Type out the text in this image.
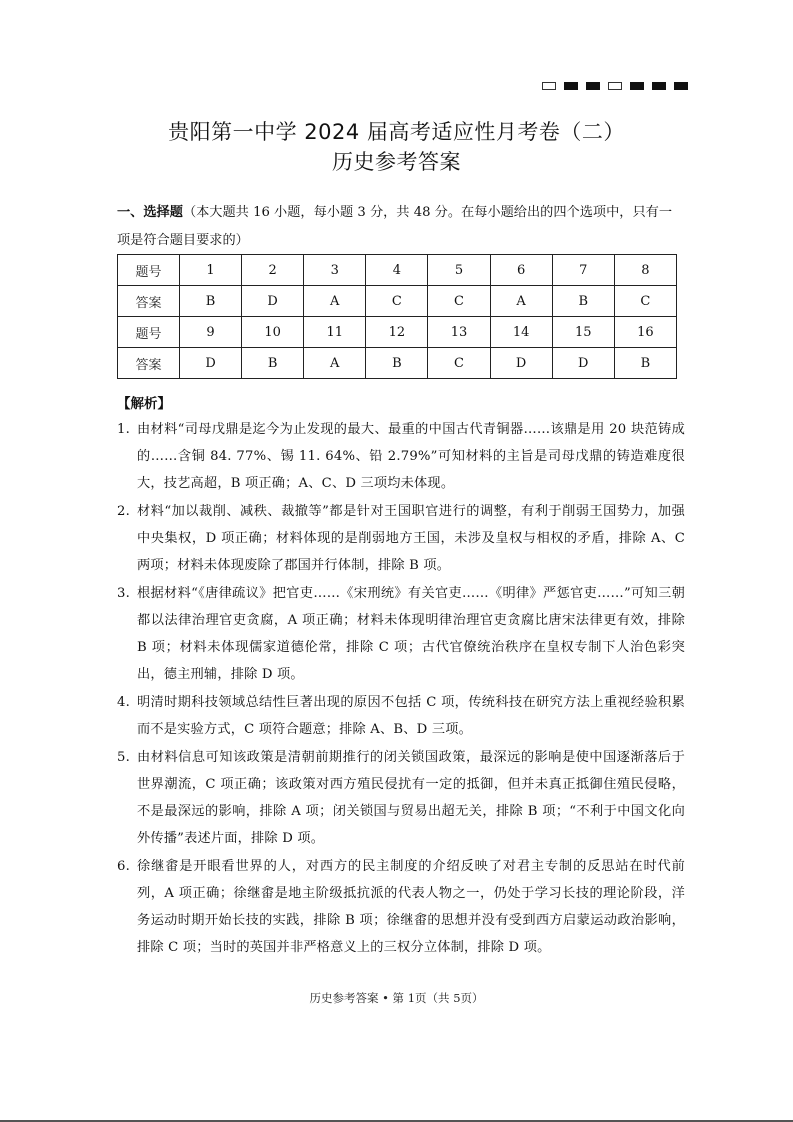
贵阳第一中学 2024 届高考适应性月考卷（二）
历史参考答案
一、选择题（本大题共 16 小题，每小题 3 分，共 48 分。在每小题给出的四个选项中，只有一项是符合题目要求的）
题号	1	2	3	4	5	6	7	8
答案	B	D	A	C	C	A	B	C
题号	9	10	11	12	13	14	15	16
答案	D	B	A	B	C	D	D	B
【解析】
1. 由材料“司母戊鼎是迄今为止发现的最大、最重的中国古代青铜器……该鼎是用 20 块范铸成的……含铜 84. 77%、锡 11. 64%、铅 2.79%”可知材料的主旨是司母戊鼎的铸造难度很大，技艺高超，B 项正确；A、C、D 三项均未体现。
2. 材料“加以裁削、减秩、裁撤等”都是针对王国职官进行的调整，有利于削弱王国势力，加强中央集权，D 项正确；材料体现的是削弱地方王国，未涉及皇权与相权的矛盾，排除 A、C 两项；材料未体现废除了郡国并行体制，排除 B 项。
3. 根据材料“《唐律疏议》把官吏……《宋刑统》有关官吏……《明律》严惩官吏……”可知三朝都以法律治理官吏贪腐，A 项正确；材料未体现明律治理官吏贪腐比唐宋法律更有效，排除 B 项；材料未体现儒家道德伦常，排除 C 项；古代官僚统治秩序在皇权专制下人治色彩突出，德主刑辅，排除 D 项。
4. 明清时期科技领域总结性巨著出现的原因不包括 C 项，传统科技在研究方法上重视经验积累而不是实验方式，C 项符合题意；排除 A、B、D 三项。
5. 由材料信息可知该政策是清朝前期推行的闭关锁国政策，最深远的影响是使中国逐渐落后于世界潮流，C 项正确；该政策对西方殖民侵扰有一定的抵御，但并未真正抵御住殖民侵略，不是最深远的影响，排除 A 项；闭关锁国与贸易出超无关，排除 B 项；“不利于中国文化向外传播”表述片面，排除 D 项。
6. 徐继畬是开眼看世界的人，对西方的民主制度的介绍反映了对君主专制的反思站在时代前列，A 项正确；徐继畬是地主阶级抵抗派的代表人物之一，仍处于学习长技的理论阶段，洋务运动时期开始长技的实践，排除 B 项；徐继畬的思想并没有受到西方启蒙运动政治影响，排除 C 项；当时的英国并非严格意义上的三权分立体制，排除 D 项。
历史参考答案 • 第 1页（共 5页）
